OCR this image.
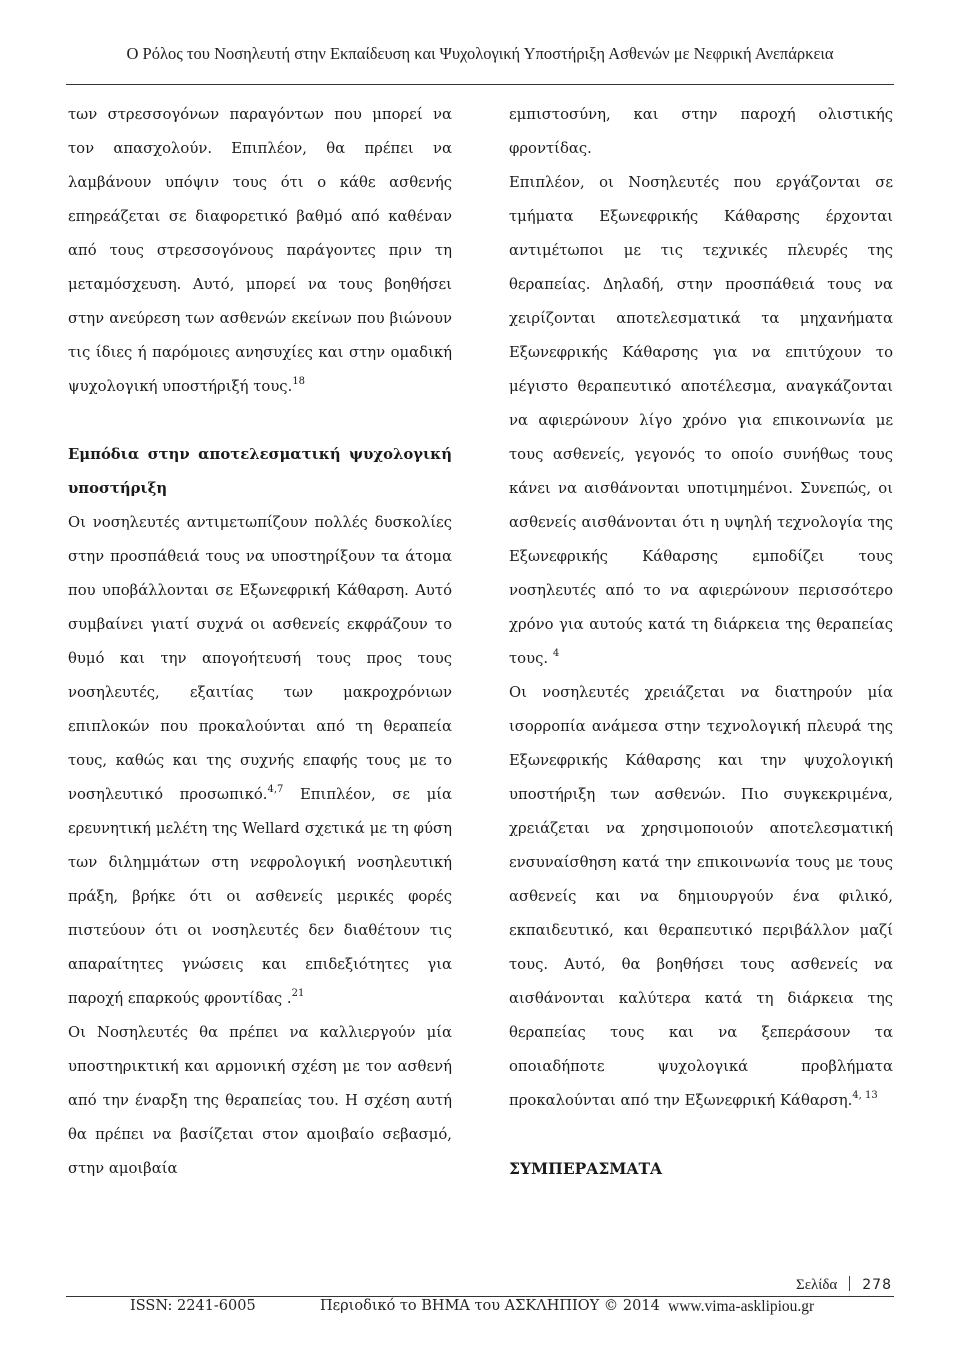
Ο Ρόλος του Νοσηλευτή στην Εκπαίδευση και Ψυχολογική Υποστήριξη Ασθενών με Νεφρική Ανεπάρκεια

των στρεσσογόνων παραγόντων που μπορεί να τον απασχολούν. Επιπλέον, θα πρέπει να λαμβάνουν υπόψιν τους ότι ο κάθε ασθενής επηρεάζεται σε διαφορετικό βαθμό από καθέναν από τους στρεσσογόνους παράγοντες πριν τη μεταμόσχευση. Αυτό, μπορεί να τους βοηθήσει στην ανεύρεση των ασθενών εκείνων που βιώνουν τις ίδιες ή παρόμοιες ανησυχίες και στην ομαδική ψυχολογική υποστήριξή τους.$^{18}$

Εμπόδια στην αποτελεσματική ψυχολογική υποστήριξη

Οι νοσηλευτές αντιμετωπίζουν πολλές δυσκολίες στην προσπάθειά τους να υποστηρίξουν τα άτομα που υποβάλλονται σε Εξωνεφρική Κάθαρση. Αυτό συμβαίνει γιατί συχνά οι ασθενείς εκφράζουν το θυμό και την απογοήτευσή τους προς τους νοσηλευτές, εξαιτίας των μακροχρόνιων επιπλοκών που προκαλούνται από τη θεραπεία τους, καθώς και της συχνής επαφής τους με το νοσηλευτικό προσωπικό.$^{4,7}$ Επιπλέον, σε μία ερευνητική μελέτη της Wellard σχετικά με τη φύση των διλημμάτων στη νεφρολογική νοσηλευτική πράξη, βρήκε ότι οι ασθενείς μερικές φορές πιστεύουν ότι οι νοσηλευτές δεν διαθέτουν τις απαραίτητες γνώσεις και επιδεξιότητες για παροχή επαρκούς φροντίδας .$^{21}$

Οι Νοσηλευτές θα πρέπει να καλλιεργούν μία υποστηρικτική και αρμονική σχέση με τον ασθενή από την έναρξη της θεραπείας του. Η σχέση αυτή θα πρέπει να βασίζεται στον αμοιβαίο σεβασμό, στην αμοιβαία

εμπιστοσύνη, και στην παροχή ολιστικής φροντίδας.

Επιπλέον, οι Νοσηλευτές που εργάζονται σε τμήματα Εξωνεφρικής Κάθαρσης έρχονται αντιμέτωποι με τις τεχνικές πλευρές της θεραπείας. Δηλαδή, στην προσπάθειά τους να χειρίζονται αποτελεσματικά τα μηχανήματα Εξωνεφρικής Κάθαρσης για να επιτύχουν το μέγιστο θεραπευτικό αποτέλεσμα, αναγκάζονται να αφιερώνουν λίγο χρόνο για επικοινωνία με τους ασθενείς, γεγονός το οποίο συνήθως τους κάνει να αισθάνονται υποτιμημένοι. Συνεπώς, οι ασθενείς αισθάνονται ότι η υψηλή τεχνολογία της Εξωνεφρικής Κάθαρσης εμποδίζει τους νοσηλευτές από το να αφιερώνουν περισσότερο χρόνο για αυτούς κατά τη διάρκεια της θεραπείας τους. $^4$

Οι νοσηλευτές χρειάζεται να διατηρούν μία ισορροπία ανάμεσα στην τεχνολογική πλευρά της Εξωνεφρικής Κάθαρσης και την ψυχολογική υποστήριξη των ασθενών. Πιο συγκεκριμένα, χρειάζεται να χρησιμοποιούν αποτελεσματική ενσυναίσθηση κατά την επικοινωνία τους με τους ασθενείς και να δημιουργούν ένα φιλικό, εκπαιδευτικό, και θεραπευτικό περιβάλλον μαζί τους. Αυτό, θα βοηθήσει τους ασθενείς να αισθάνονται καλύτερα κατά τη διάρκεια της θεραπείας τους και να ξεπεράσουν τα οποιαδήποτε ψυχολογικά προβλήματα προκαλούνται από την Εξωνεφρική Κάθαρση.$^{4, 13}$

ΣΥΜΠΕΡΑΣΜΑΤΑ
Σελίδα 278
ISSN: 2241-6005	Περιοδικό το ΒΗΜΑ του ΑΣΚΛΗΠΙΟΥ © 2014 www.vima-asklipiou.gr
